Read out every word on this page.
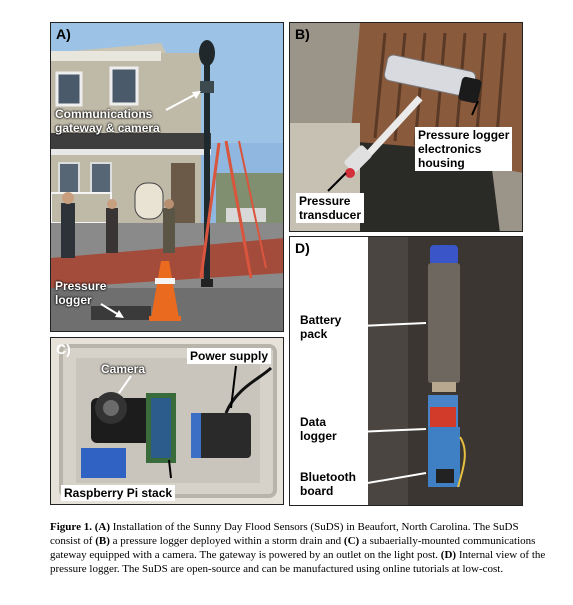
A)
Communications
gateway & camera
Pressure
logger
B)
Pressure logger
electronics
housing
Pressure
transducer
C)
Camera
Power supply
Raspberry Pi stack
D)
Battery
pack
Data
logger
Bluetooth
board
Figure 1. (A) Installation of the Sunny Day Flood Sensors (SuDS) in Beaufort, North Carolina. The SuDS consist of (B) a pressure logger deployed within a storm drain and (C) a subaerially-mounted communications gateway equipped with a camera. The gateway is powered by an outlet on the light post. (D) Internal view of the pressure logger. The SuDS are open-source and can be manufactured using online tutorials at low-cost.
